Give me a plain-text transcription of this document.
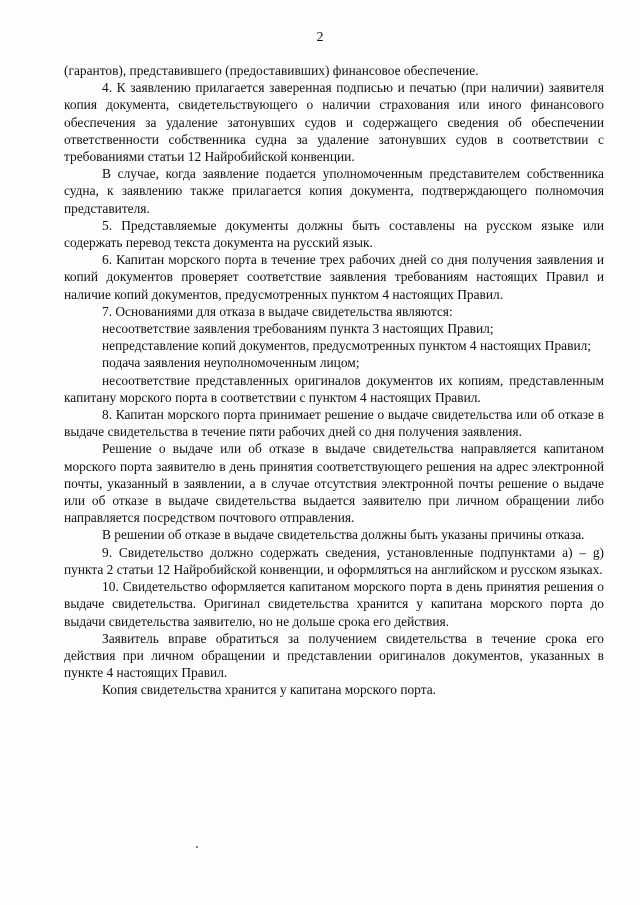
2

(гарантов), представившего (предоставивших) финансовое обеспечение.

4. К заявлению прилагается заверенная подписью и печатью (при наличии) заявителя копия документа, свидетельствующего о наличии страхования или иного финансового обеспечения за удаление затонувших судов и содержащего сведения об обеспечении ответственности собственника судна за удаление затонувших судов в соответствии с требованиями статьи 12 Найробийской конвенции.

В случае, когда заявление подается уполномоченным представителем собственника судна, к заявлению также прилагается копия документа, подтверждающего полномочия представителя.

5. Представляемые документы должны быть составлены на русском языке или содержать перевод текста документа на русский язык.

6. Капитан морского порта в течение трех рабочих дней со дня получения заявления и копий документов проверяет соответствие заявления требованиям настоящих Правил и наличие копий документов, предусмотренных пунктом 4 настоящих Правил.

7. Основаниями для отказа в выдаче свидетельства являются:

несоответствие заявления требованиям пункта 3 настоящих Правил;

непредставление копий документов, предусмотренных пунктом 4 настоящих Правил;

подача заявления неуполномоченным лицом;

несоответствие представленных оригиналов документов их копиям, представленным капитану морского порта в соответствии с пунктом 4 настоящих Правил.

8. Капитан морского порта принимает решение о выдаче свидетельства или об отказе в выдаче свидетельства в течение пяти рабочих дней со дня получения заявления.

Решение о выдаче или об отказе в выдаче свидетельства направляется капитаном морского порта заявителю в день принятия соответствующего решения на адрес электронной почты, указанный в заявлении, а в случае отсутствия электронной почты решение о выдаче или об отказе в выдаче свидетельства выдается заявителю при личном обращении либо направляется посредством почтового отправления.

В решении об отказе в выдаче свидетельства должны быть указаны причины отказа.

9. Свидетельство должно содержать сведения, установленные подпунктами a) – g) пункта 2 статьи 12 Найробийской конвенции, и оформляться на английском и русском языках.

10. Свидетельство оформляется капитаном морского порта в день принятия решения о выдаче свидетельства. Оригинал свидетельства хранится у капитана морского порта до выдачи свидетельства заявителю, но не дольше срока его действия.

Заявитель вправе обратиться за получением свидетельства в течение срока его действия при личном обращении и представлении оригиналов документов, указанных в пункте 4 настоящих Правил.

Копия свидетельства хранится у капитана морского порта.
